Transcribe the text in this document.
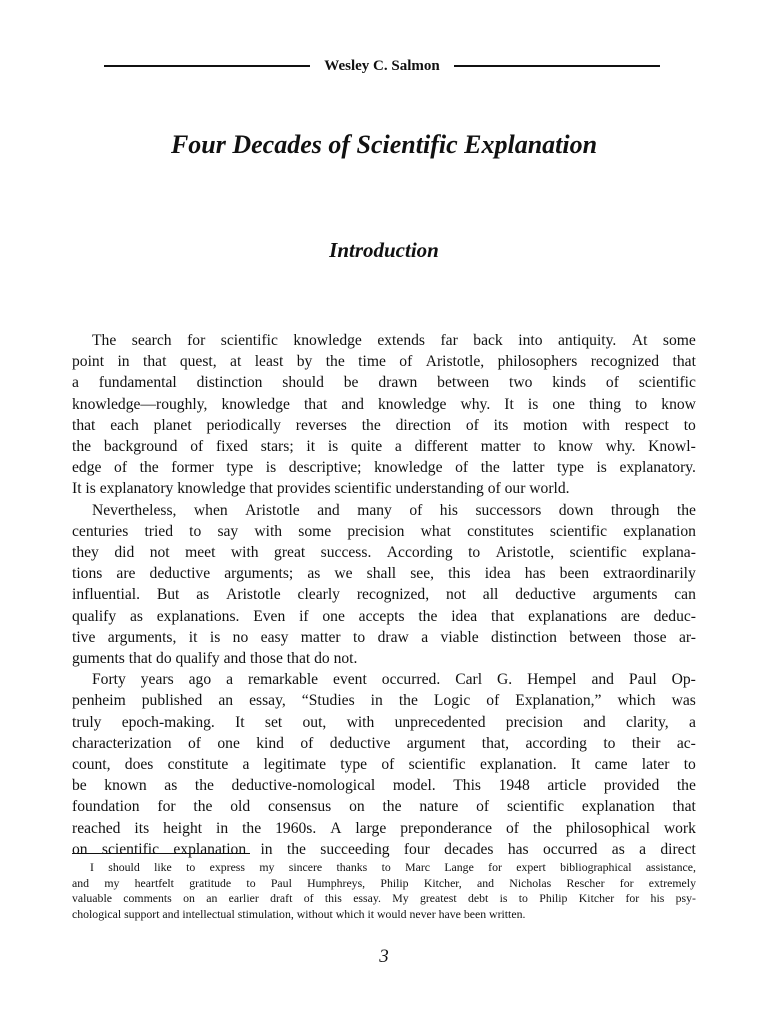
Wesley C. Salmon
Four Decades of Scientific Explanation
Introduction
The search for scientific knowledge extends far back into antiquity. At some
point in that quest, at least by the time of Aristotle, philosophers recognized that
a fundamental distinction should be drawn between two kinds of scientific
knowledge—roughly, knowledge that and knowledge why. It is one thing to know
that each planet periodically reverses the direction of its motion with respect to
the background of fixed stars; it is quite a different matter to know why. Knowl-
edge of the former type is descriptive; knowledge of the latter type is explanatory.
It is explanatory knowledge that provides scientific understanding of our world.
Nevertheless, when Aristotle and many of his successors down through the
centuries tried to say with some precision what constitutes scientific explanation
they did not meet with great success. According to Aristotle, scientific explana-
tions are deductive arguments; as we shall see, this idea has been extraordinarily
influential. But as Aristotle clearly recognized, not all deductive arguments can
qualify as explanations. Even if one accepts the idea that explanations are deduc-
tive arguments, it is no easy matter to draw a viable distinction between those ar-
guments that do qualify and those that do not.
Forty years ago a remarkable event occurred. Carl G. Hempel and Paul Op-
penheim published an essay, “Studies in the Logic of Explanation,” which was
truly epoch-making. It set out, with unprecedented precision and clarity, a
characterization of one kind of deductive argument that, according to their ac-
count, does constitute a legitimate type of scientific explanation. It came later to
be known as the deductive-nomological model. This 1948 article provided the
foundation for the old consensus on the nature of scientific explanation that
reached its height in the 1960s. A large preponderance of the philosophical work
on scientific explanation in the succeeding four decades has occurred as a direct
I should like to express my sincere thanks to Marc Lange for expert bibliographical assistance,
and my heartfelt gratitude to Paul Humphreys, Philip Kitcher, and Nicholas Rescher for extremely
valuable comments on an earlier draft of this essay. My greatest debt is to Philip Kitcher for his psy-
chological support and intellectual stimulation, without which it would never have been written.
3
